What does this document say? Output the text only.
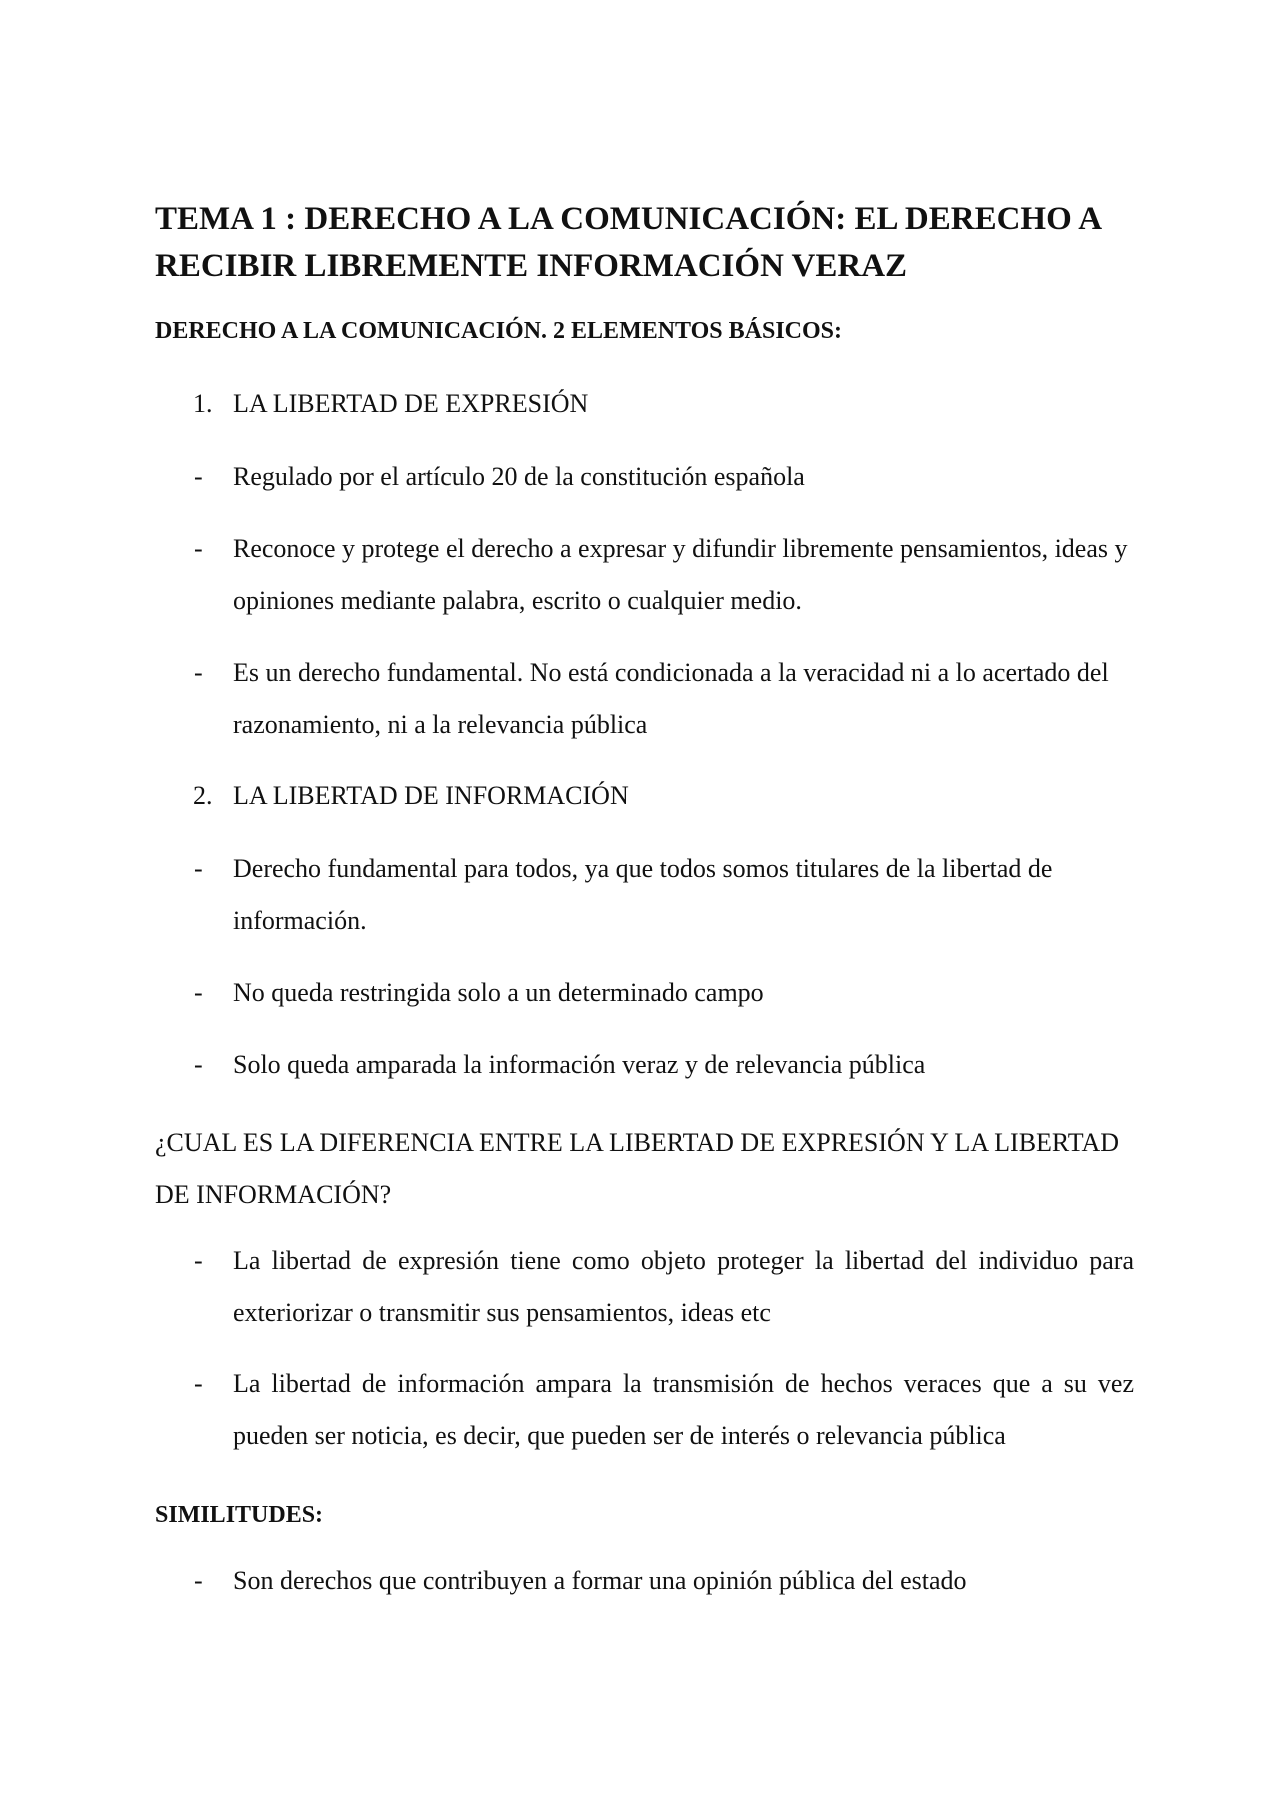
TEMA 1 : DERECHO A LA COMUNICACIÓN: EL DERECHO A RECIBIR LIBREMENTE INFORMACIÓN VERAZ
DERECHO A LA COMUNICACIÓN. 2 ELEMENTOS BÁSICOS:

1. LA LIBERTAD DE EXPRESIÓN

- Regulado por el artículo 20 de la constitución española
- Reconoce y protege el derecho a expresar y difundir libremente pensamientos, ideas y opiniones mediante palabra, escrito o cualquier medio.
- Es un derecho fundamental. No está condicionada a la veracidad ni a lo acertado del razonamiento, ni a la relevancia pública

2. LA LIBERTAD DE INFORMACIÓN

- Derecho fundamental para todos, ya que todos somos titulares de la libertad de información.
- No queda restringida solo a un determinado campo
- Solo queda amparada la información veraz y de relevancia pública

¿CUAL ES LA DIFERENCIA ENTRE LA LIBERTAD DE EXPRESIÓN Y LA LIBERTAD DE INFORMACIÓN?

- La libertad de expresión tiene como objeto proteger la libertad del individuo para exteriorizar o transmitir sus pensamientos, ideas etc
- La libertad de información ampara la transmisión de hechos veraces que a su vez pueden ser noticia, es decir, que pueden ser de interés o relevancia pública
SIMILITUDES:
- Son derechos que contribuyen a formar una opinión pública del estado
